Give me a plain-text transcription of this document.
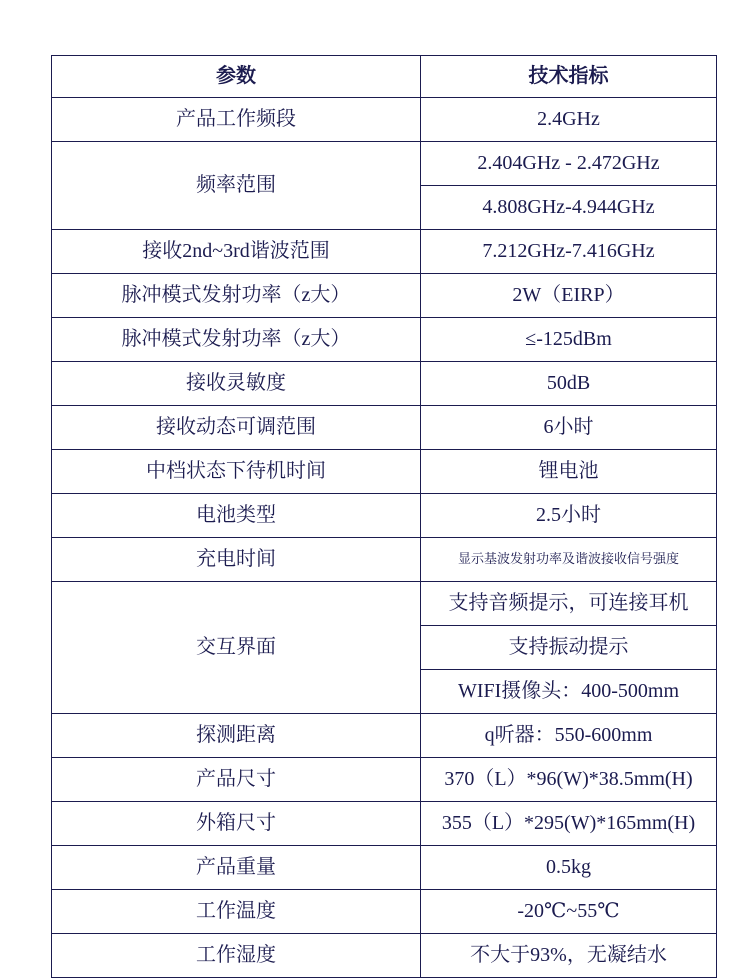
参数	技术指标
产品工作频段	2.4GHz
频率范围	2.404GHz - 2.472GHz
	4.808GHz-4.944GHz
接收2nd~3rd谐波范围	7.212GHz-7.416GHz
脉冲模式发射功率（z大）	2W（EIRP）
脉冲模式发射功率（z大）	≤-125dBm
接收灵敏度	50dB
接收动态可调范围	6小时
中档状态下待机时间	锂电池
电池类型	2.5小时
充电时间	显示基波发射功率及谐波接收信号强度
交互界面	支持音频提示，可连接耳机
	支持振动提示
	WIFI摄像头：400-500mm
探测距离	q听器：550-600mm
产品尺寸	370（L）*96(W)*38.5mm(H)
外箱尺寸	355（L）*295(W)*165mm(H)
产品重量	0.5kg
工作温度	-20℃~55℃
工作湿度	不大于93%，无凝结水
